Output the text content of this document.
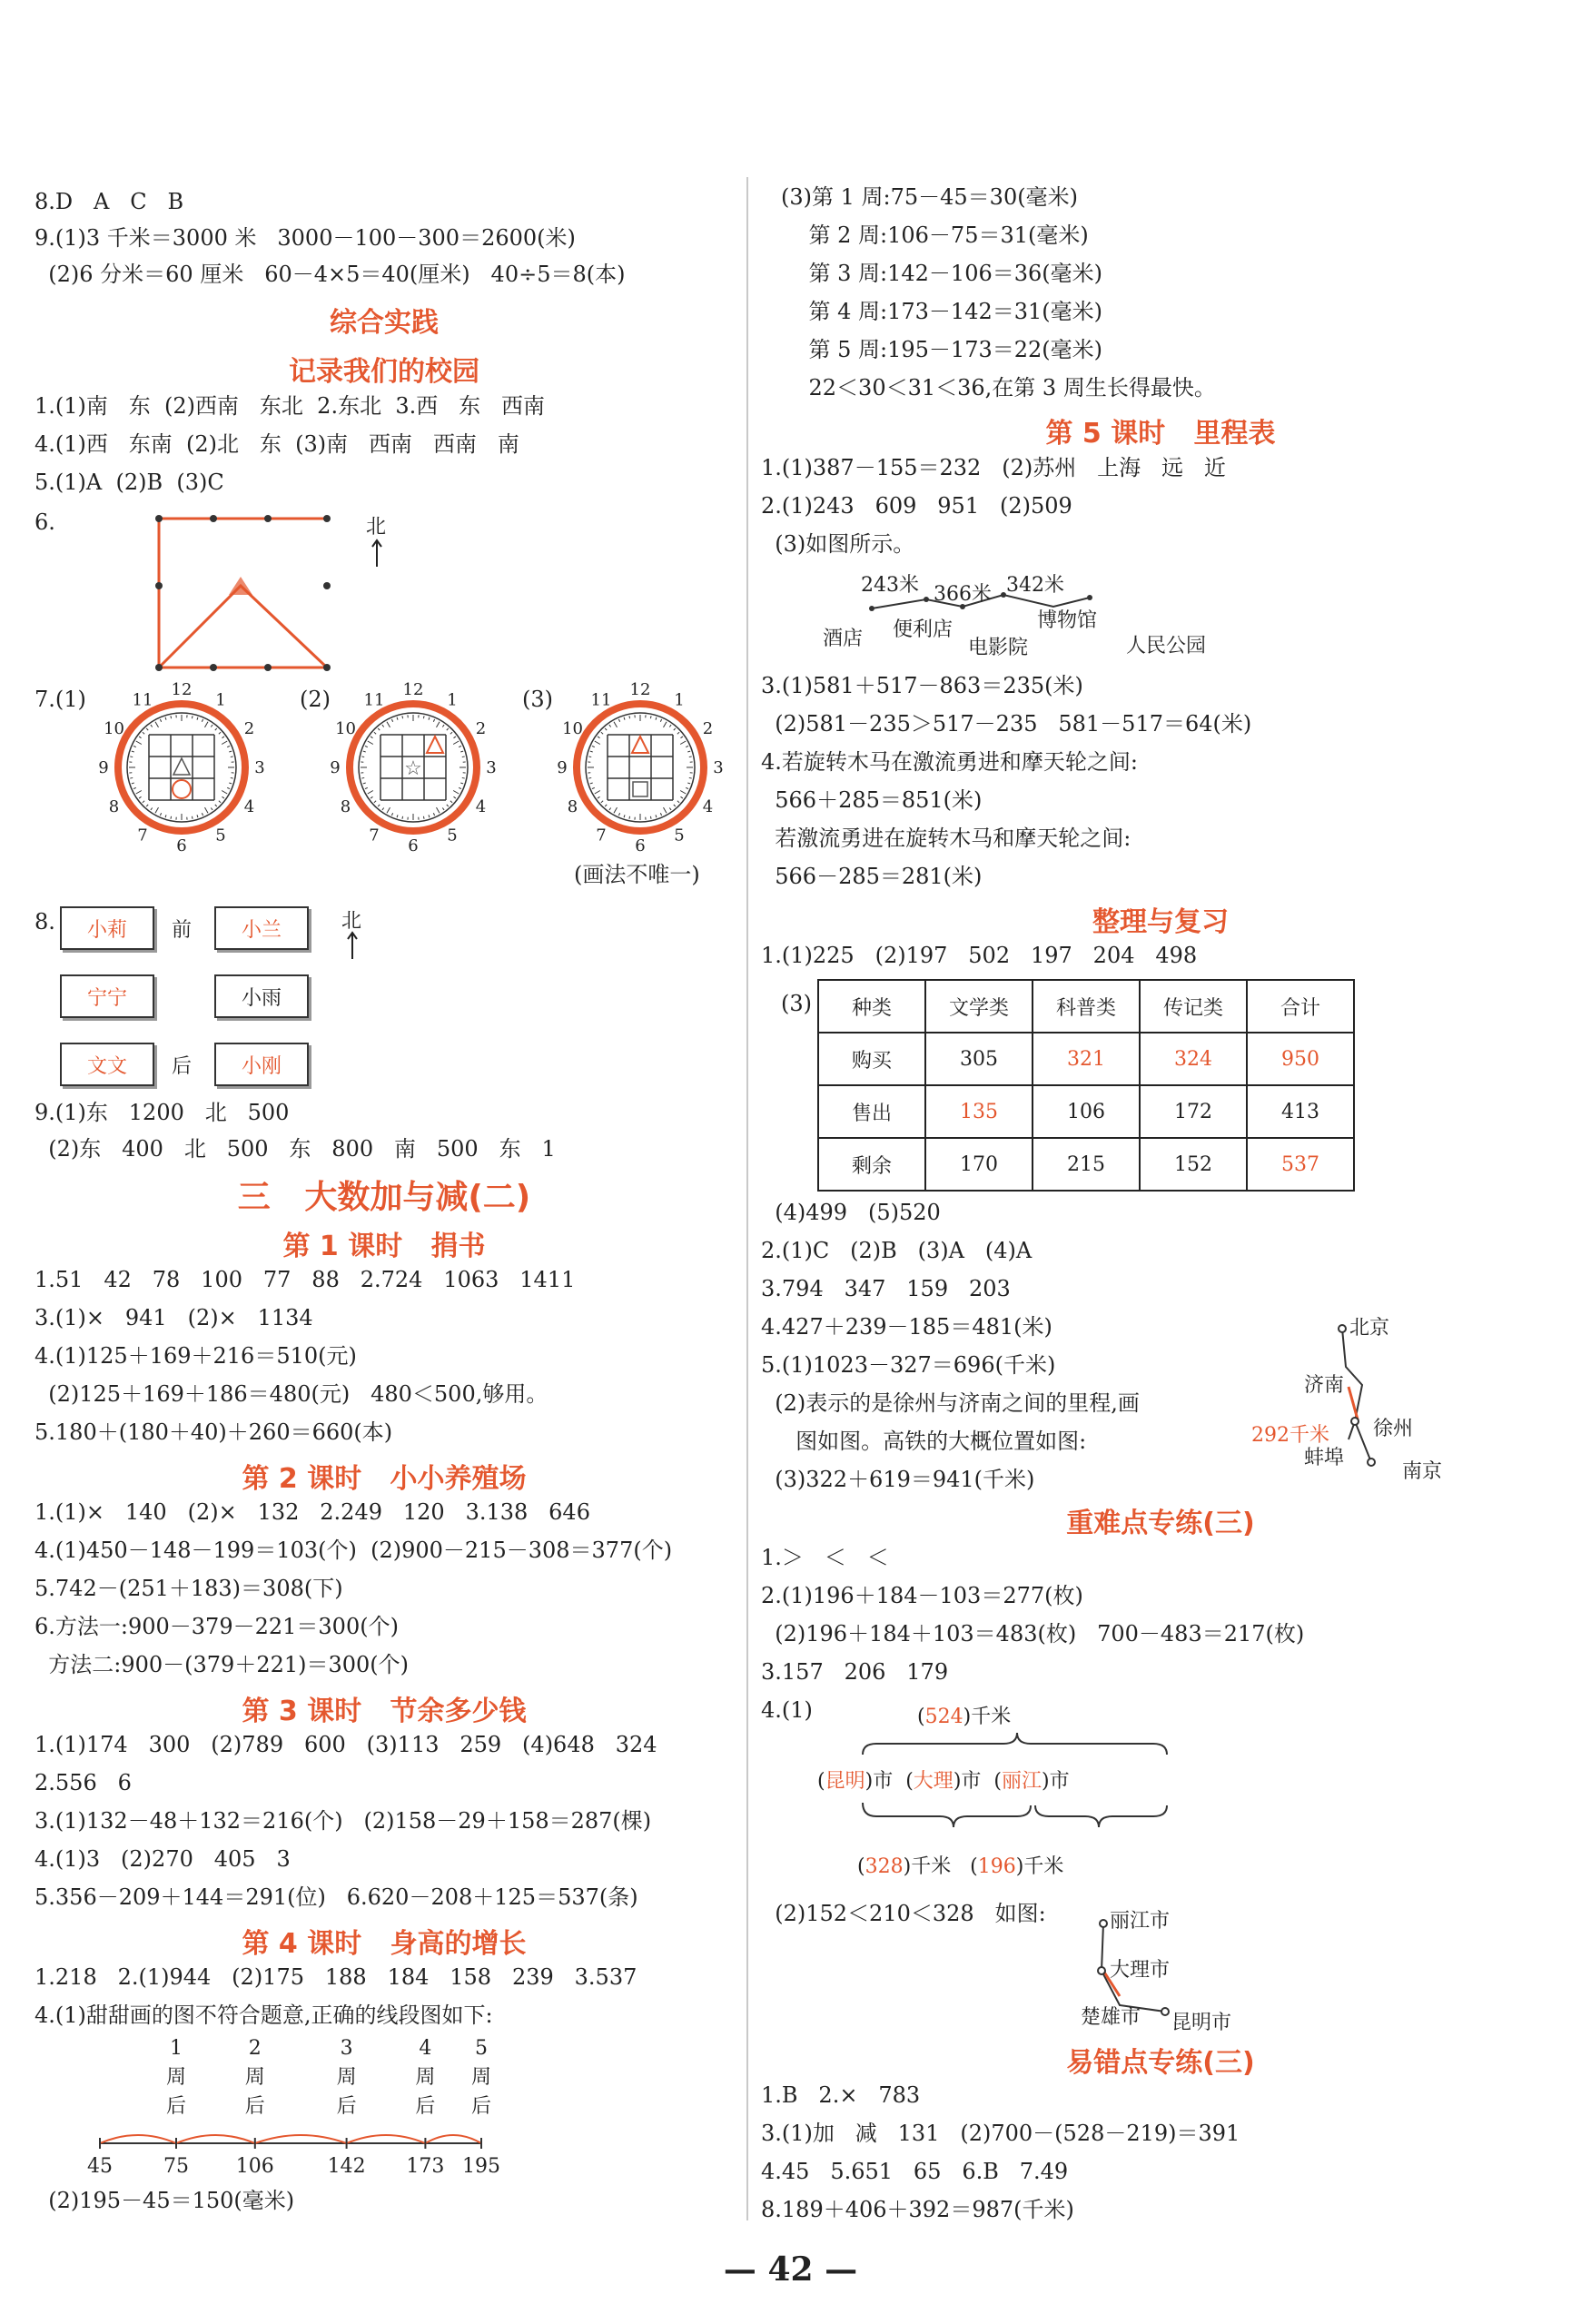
8.D   A   C   B
9.(1)3 千米＝3000 米   3000－100－300＝2600(米)
(2)6 分米＝60 厘米   60－4×5＝40(厘米)   40÷5＝8(本)
综合实践
记录我们的校园
1.(1)南   东  (2)西南   东北  2.东北  3.西   东   西南
4.(1)西   东南  (2)北   东  (3)南   西南   西南   南
5.(1)A  (2)B  (3)C
6.	北
7.(1)	(2)	(3)
12
1
2
3
4
5
6
7
8
9
10
11
12
1
2
3
4
5
6
7
8
9
10
11
☆
12
1
2
3
4
5
6
7
8
9
10
11
(画法不唯一)
8.	小莉	前	小兰	北
宁宁	小雨
文文	后	小刚
9.(1)东   1200   北   500
(2)东   400   北   500   东   800   南   500   东   1
三   大数加与减(二)
第 1 课时   捐书
1.51   42   78   100   77   88   2.724   1063   1411
3.(1)×   941   (2)×   1134
4.(1)125＋169＋216＝510(元)
(2)125＋169＋186＝480(元)   480＜500,够用。
5.180＋(180＋40)＋260＝660(本)
第 2 课时   小小养殖场
1.(1)×   140   (2)×   132   2.249   120   3.138   646
4.(1)450－148－199＝103(个)  (2)900－215－308＝377(个)
5.742－(251＋183)＝308(下)
6.方法一:900－379－221＝300(个)
方法二:900－(379＋221)＝300(个)
第 3 课时   节余多少钱
1.(1)174   300   (2)789   600   (3)113   259   (4)648   324
2.556   6
3.(1)132－48＋132＝216(个)   (2)158－29＋158＝287(棵)
4.(1)3   (2)270   405   3
5.356－209＋144＝291(位)   6.620－208＋125＝537(条)
第 4 课时   身高的增长
1.218   2.(1)944   (2)175   188   184   158   239   3.537
4.(1)甜甜画的图不符合题意,正确的线段图如下:
45	75
1
周
后
106
2
周
后
142
3
周
后
173
4
周
后
195
5
周
后
(2)195－45＝150(毫米)
(3)第 1 周:75－45＝30(毫米)
第 2 周:106－75＝31(毫米)
第 3 周:142－106＝36(毫米)
第 4 周:173－142＝31(毫米)
第 5 周:195－173＝22(毫米)
22＜30＜31＜36,在第 3 周生长得最快。
第 5 课时   里程表
1.(1)387－155＝232   (2)苏州   上海   远   近
2.(1)243   609   951   (2)509
(3)如图所示。
243米 366米 342米
酒店 便利店
电影院
博物馆
人民公园
3.(1)581＋517－863＝235(米)
(2)581－235＞517－235   581－517＝64(米)
4.若旋转木马在激流勇进和摩天轮之间:
566＋285＝851(米)
若激流勇进在旋转木马和摩天轮之间:
566－285＝281(米)
整理与复习
1.(1)225   (2)197   502   197   204   498
(3) 种类	文学类	科普类	传记类	合计
购买	305	321	324	950
售出	135	106	172	413
剩余	170	215	152	537
(4)499   (5)520
2.(1)C   (2)B   (3)A   (4)A
3.794   347   159   203
4.427＋239－185＝481(米)
5.(1)1023－327＝696(千米)
(2)表示的是徐州与济南之间的里程,画
图如图。高铁的大概位置如图:
(3)322＋619＝941(千米)
北京
济南
徐州
蚌埠
南京
292千米
重难点专练(三)
1.＞   ＜   ＜
2.(1)196＋184－103＝277(枚)
(2)196＋184＋103＝483(枚)   700－483＝217(枚)
3.157   206   179
4.(1)	(524)千米
(昆明)市  (大理)市  (丽江)市
(328)千米   (196)千米
(2)152＜210＜328   如图:	丽江市
大理市
楚雄市 昆明市
易错点专练(三)
1.B   2.×   783
3.(1)加   减   131   (2)700－(528－219)＝391
4.45   5.651   65   6.B   7.49
8.189＋406＋392＝987(千米)
— 42 —
